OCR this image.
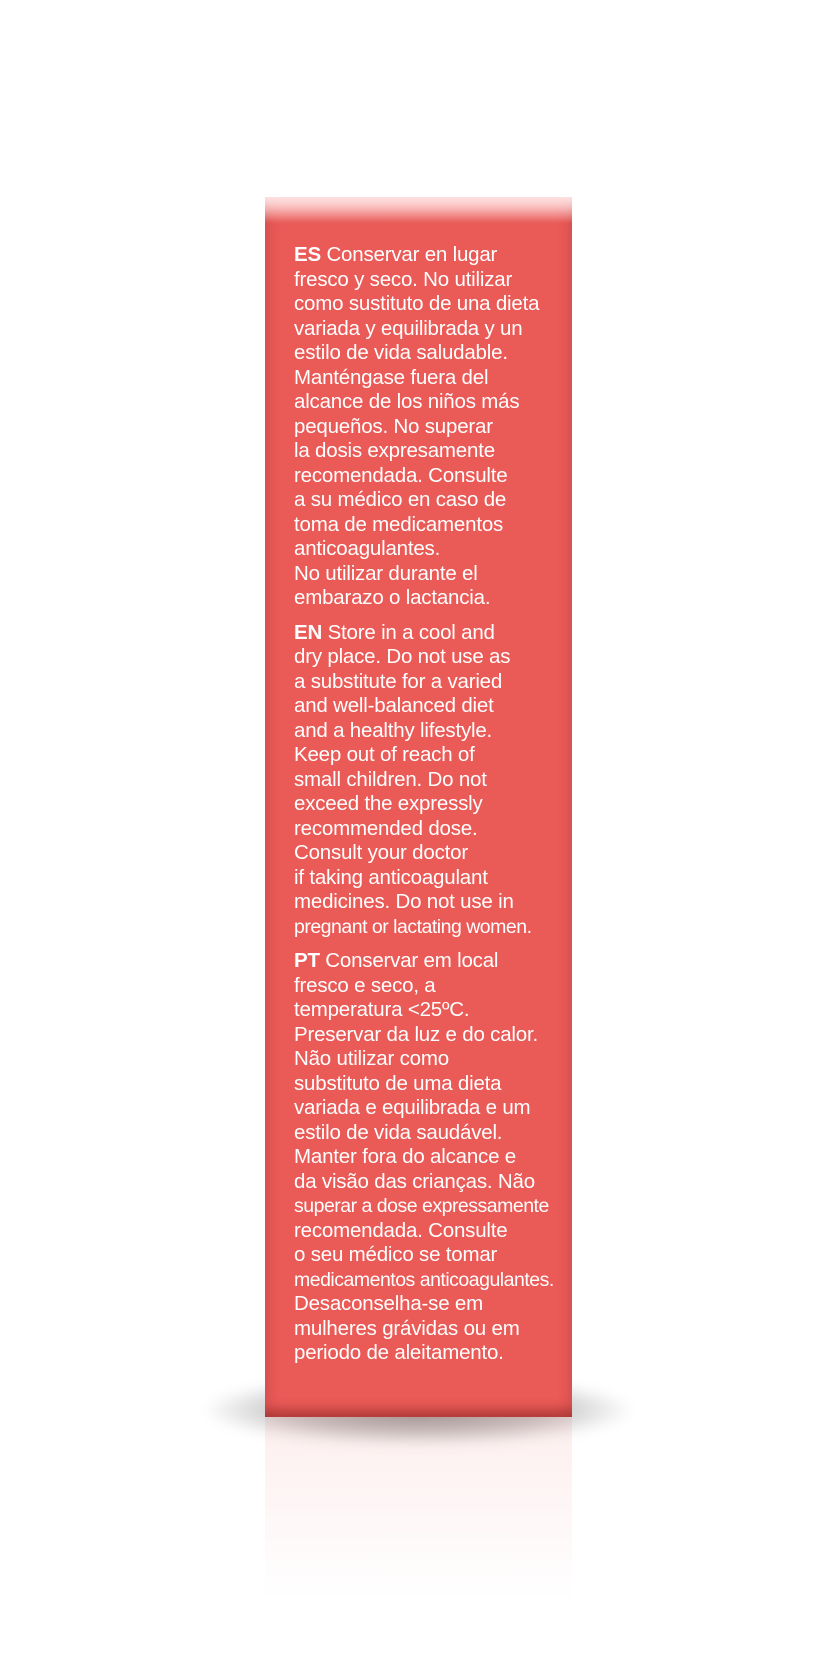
ES Conservar en lugar
fresco y seco. No utilizar
como sustituto de una dieta
variada y equilibrada y un
estilo de vida saludable.
Manténgase fuera del
alcance de los niños más
pequeños. No superar
la dosis expresamente
recomendada. Consulte
a su médico en caso de
toma de medicamentos
anticoagulantes.
No utilizar durante el
embarazo o lactancia.

EN Store in a cool and
dry place. Do not use as
a substitute for a varied
and well-balanced diet
and a healthy lifestyle.
Keep out of reach of
small children. Do not
exceed the expressly
recommended dose.
Consult your doctor
if taking anticoagulant
medicines. Do not use in
pregnant or lactating women.

PT Conservar em local
fresco e seco, a
temperatura <25ºC.
Preservar da luz e do calor.
Não utilizar como
substituto de uma dieta
variada e equilibrada e um
estilo de vida saudável.
Manter fora do alcance e
da visão das crianças. Não
superar a dose expressamente
recomendada. Consulte
o seu médico se tomar
medicamentos anticoagulantes.
Desaconselha-se em
mulheres grávidas ou em
periodo de aleitamento.
